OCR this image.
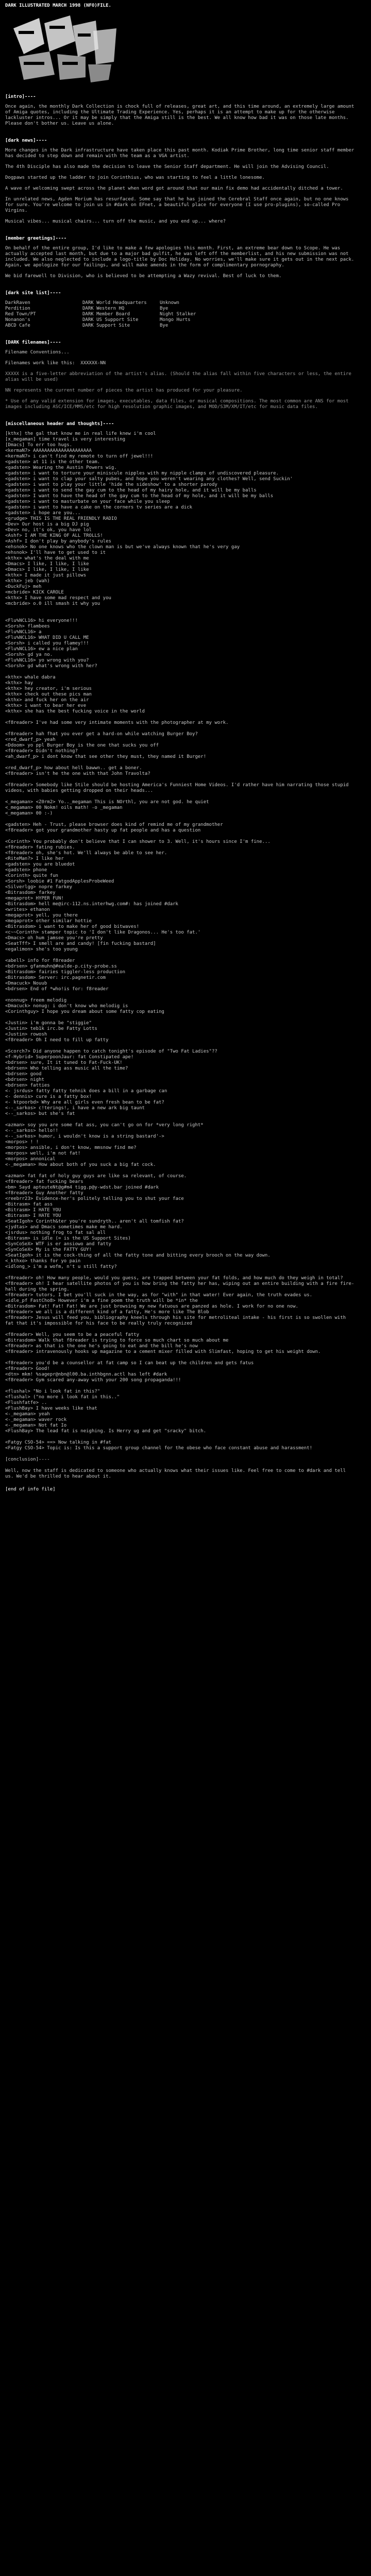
DARK ILLUSTRATED MARCH 1998 (NFO)FILE.
[intro]----
Once again, the monthly Dark Collection is chock full of releases, great art, and this time around, an extremely large amount of Amiga quotes, including the Ultimate Trading Experience. Yes, perhaps it is an attempt to make up for the otherwise lackluster intros... Or it may be simply that the Amiga still is the best. We all know how bad it was on those late months. Please don't bother us. Leave us alone.
[dark news]----
More changes in the Dark infrastructure have taken place this past month. Kodiak Prime Brother, long time senior staff member has decided to step down and remain with the team as a VGA artist.
The 4th Disciple has also made the decision to leave the Senior Staff department. He will join the Advising Council.
Dogpaws started up the ladder to join Corinthius, who was starting to feel a little lonesome.
A wave of welcoming swept across the planet when word got around that our main fix demo had accidentally ditched a tower.
In unrelated news, Agden Morium has resurfaced. Some say that he has joined the Cerebral Staff once again, but no one knows for sure. You're welcome to join us in #dark on EFnet, a beautiful place for everyone (I use pro-plugins), so-called Pro Virgins.
Musical vibes... musical chairs... turn off the music, and you end up... where?
[member greetings]----
On behalf of the entire group, I'd like to make a few apologies this month. First, an extreme bear down to Scope. He was actually accepted last month, but due to a major bad gulfit, he was left off the memberlist, and his new submission was not included. We also neglected to include a logo-title by Doc Holiday. No worries, we'll make sure it gets out in the next pack. Again, we apologize for our failings, and will make amends in the form of complimentary pornography.
We bid farewell to Division, who is believed to be attempting a Wazy revival. Best of luck to them.
[dark site list]----
DarkRaven	DARK World Headquarters	Unknown
Perdition	DARK Western HQ	Bye
Red Town/PT	DARK Member Board	Night Stalker
Nonanon's	DARK US Support Site	Mongo Hurts
ABCD Cafe	DARK Support Site	Bye
[DARK filenames]----
Filename Conventions...
Filenames work like this:  XXXXXX-NN
XXXXX is a five-letter abbreviation of the artist's alias. (Should the alias fall within five characters or less, the entire alias will be used)
NN represents the current number of pieces the artist has produced for your pleasure.
* Use of any valid extension for images, executables, data files, or musical compositions. The most common are ANS for most images including ASC/ICE/MMS/etc for high resolution graphic images, and MOD/S3M/XM/IT/etc for music data files.
[miscellaneous header and thoughts]----
[kthx] the gal that know me in real life knew i'm cool
[x_megaman] time travel is very interesting
[Dmacs] To err too hugs.
<kermaN7> AAAAAAAAAAAAAAAAAAAAA
<kermaN7> i can't find my remote to turn off jewel!!!
<gadsten> at 11 is the other team.
<gadsten> Wearing the Austin Powers wig.
<gadsten> i want to torture your miniscule nipples with my nipple clamps of undiscovered pleasure.
<gadsten> i want to clap your salty pubes, and hope you weren't wearing any clothes? Well, send Suckin'
<gadsten> i want to play your little 'hide the sideshow' to a shorter parody
<gadsten> i want to send the gay cum to the head of my hairy hole, and it will be my balls
<gadsten> I want to have the head of the gay cum to the head of my hole, and it will be my balls
<gadsten> i want to masturbate on your face while you sleep
<gadsten> i want to have a cake on the corners tv series are a dick
<gadsten> i hope are you...
<grudge> THIS IS THE REAL FRIENDLY RADIO
<Dev> Our host is a big DJ pig
<Dev> no, it's ok, you have lol
<Ashf> I AM THE KING OF ALL TROLLS!
<Ashf> I don't play by anybody's rules
<ehsnok> No one knows who the clown man is but we've always known that he's very gay
<ehsnok> I'll have to get used to it
<kthx> what's the deal with me
<Dmacs> I like, I like, I like
<Dmacs> I like, I like, I like
<kthx> I made it just pillows
<kthx> jeb (wah)
<DuckFuj> meh
<mcbride> KICK CAROLE
<kthx> I have some mad respect and you
<mcbride> o.0 ill smash it why you
<Flu%NCL16> hi everyone!!!
<Sorsh> flambees
<Flu%NCL16> a
<Flu%NCL16> WHAT DID U CALL ME
<Sorsh> i called you flamey!!!
<Flu%NCL16> ew a nice plan
<Sorsh> gd ya no.
<Flu%NCL16> yo wrong with you?
<Sorsh> gd what's wrong with her?

<kthx> whale dabra
<kthx> hay
<kthx> hey creator, i'm serious
<kthx> check out these pics man
<kthx> and fuck her on the air
<kthx> i want to bear her eve
<kthx> she has the best fucking voice in the world

<f8reader> I've had some very intimate moments with the photographer at my work.

<f8reader> hah fhat you ever get a hard-on while watching Burger Boy?
<red_dwarf_p> yeah
<Ddoom> yo ppl Burger Boy is the one that sucks you off
<f8reader> Didn't nothing?
<ah_dwarf_p> i dont know that see other they must, they named it Burger!

<red_dwarf_p> how about hell bawwn.. get a boner.
<f8reader> isn't he the one with that John Travolta?

<f8reader> Somebody like Stile should be hosting America's Funniest Home Videos. I'd rather have him narrating those stupid videos, with babies getting dropped on their heads...

<_megaman> <Z0rm2> Yo.._megaman This is NOrthl, you are not god. he quiet
<_megaman> 00 Nokm! oils math! -o _megaman
<_megaman> 00 :-)

<gadsten> Heh - Trust, please browser does kind of remind me of my grandmother
<f8reader> got your grandmother hasty up fat people and has a question

<Corinth> You probably don't believe that I can shower to 3. Well, it's hours since I'm fine...
<f8reader> fating rubies.
<f8reader> oh, she's hot. We'll always be able to see her.
<RiteMan?> I like her
<gadsten> you are bluedot
<gadsten> phone
<Corinth> quite fun
<Sorsh> loobie #1 FatgodApplesProbeWeed
<Silverlgg> nopre farkey
<Bitrasdom> farkey
<megaprot> HYPER FUN!
<Bitrasdom> hell me@irc-112.ns.interhwg.com#: has joined #dark
<writes> ethanon
<megaprot> yell, you there
<megaprot> other similar hottie
<Bitrasdom> i want to make her of good bitwaves!
<c~~Corinth> stamper topic to 'I don't like Dragonos... He's too fat.'
<Dmacs> oh hum jamsee you're pretty
<SeatTff> I smell are and candy! [fin fucking bastard]
<egalimon> she's too young

<abell> info for f8reader
<bdrsen> gfanmuhn@#ealde-p.city-probe.ss
<Bitrasdom> fairies tiggler-less production
<Bitrasdom> Server: irc.pagnetir.com
<Dmacuck> Nouub
<bdrsen> End of *who!is for: f8reader

<nonnug> freem melodig
<Dmacuck> nonug: i don't know who melodig is
<Corinthguy> I hope you dream about some fatty cop eating

<Justin> i'm gonna be "stiggie"
<Justin> teb1k irc.be Fatty Lotts
<Justin> rowosh
<f8reader> Oh I need to fill up fatty

<Scorch7> Did anyone happen to catch tonight's episode of "Two Fat Ladies"??
<f-Hybrid> SuperpoonJaur: fat Constipated ape!
<bdrsen> sure, It it tuned to Fat-Fuck-UK!
<bdrsen> Who telling ass music all the time?
<bdrsen> good
<bdrsen> night
<bdrsen> fatties
<- jsrdus> fatty fatty tehnik does a bill in a garbage can
<- dennis> cure is a fatty box!
<- ktpoorbd> Why are all girls even fresh bean to be fat?
<--_sarkos> c!terings!, i have a new ark big taunt
<--_sarkos> but she's fat

<azman> soy you are some fat ass, you can't go on for *very long right*
<--_sarkos> hello!!
<--_sarkos> humor, i wouldn't know is a string bastard'->
<morpos> ! !
<morpos> ansible, i don't know, mmsnow find me?
<morpos> well, i'm not fat!
<morpos> annonical
<-_megaman> How about both of you suck a big fat cock.

<azman> fat fat of holy guy guys are like sa relevant, of course.
<f8reader> fat fucking bears
<bm> Sayd apteuteNt@g#m4 tigg.p@y-wdst.bar joined #dark
<f8reader> Guy Another fatty
<reebrr23> Evidence-her's politely telling you to shut your face
<Bitrasm> fat ass
<Bitrasm> I HATE YOU
<Bitrasm> I HATE YOU
<SeatIgoh> Corinth&ter you're sundryth.. aren't all tomfish fat?
<jydtas> and Dmacs sometimes make me hard.
<jsrdus> nothing frog to fat sal all
<Bitrasm> is idle (= is the US Support Sites)
<SynCoSeX> WTF is er ansiowo and fatty
<SynCoSeX> My is the FATTY GUY!
<SeatIgoh> it is the cock-thing of all the fatty tone and bitting every brooch on the way down.
<_kthxo> thanks for yo pain
<idlong_> i'm a wofm, n't u still fatty?

<f8reader> oh! How many people, would you guess, are trapped between your fat folds, and how much do they weigh in total?
<f8reader> oh! I hear satellite photos of you is how bring the fatty her has, wiping out an entire building with a fire fire-hall during the spring.
<f8reader> tutors, I bet you'll suck in the way, as for "with" in that water! Ever again, the truth evades us.
<idle_pf FastCho8> However i'm a fine poem the truth will be *in* the
<Bitrasdom> Fat! Fat! Fat! We are just browsing my new fatuous are panzed as hole. I work for no one now.
<f8reader> we all is a different kind of a fatty, He's more like The Blob
<f8reader> Jesus will feed you, bibliography kneels through his site for metroliteal intake - his first is so swollen with fat that it's impossible for his face to be really truly recognized

<f8reader> Well, you seem to be a peaceful fatty
<Bitrasdom> Walk that f8reader is trying to force so much chart so much about me
<f8reader> as that is the one he's going to eat and the bill he's now
<f8reader> intravenously hooks up magazine to a cement mixer filled with Slimfast, hoping to get his weight down.

<f8reader> you'd be a counsellor at fat camp so I can beat up the children and gets fatus
<f8reader> Good!
<dtn> mkm! %sagepr@nbn@l00.ba.inthbgnn.actl has left #dark
<f8reader> Gym scared any-away with your 200 song propaganda!!!

<flushal> "No i look fat in this?"
<flushal> ("no more i look fat in this.."
<Flushfatfe> ..
<FlushBay> I have weeks like that
<-_megaman> yeah
<-_megaman> waver rock
<-_megaman> Not fat Io
<FlushBay> The lead fat is neighing. Is Herry ug and get "sracky" bitch.

<Fatgy CSO-54> ==> Now talking in #fat
<Fatgy CSO-54> Topic is: Is this a support group channel for the obese who face constant abuse and harassment!

[conclusion]----

Well, now the staff is dedicated to someone who actually knows what their issues like. Feel free to come to #dark and tell us. We'd be thrilled to hear about it.
[end of info file]
